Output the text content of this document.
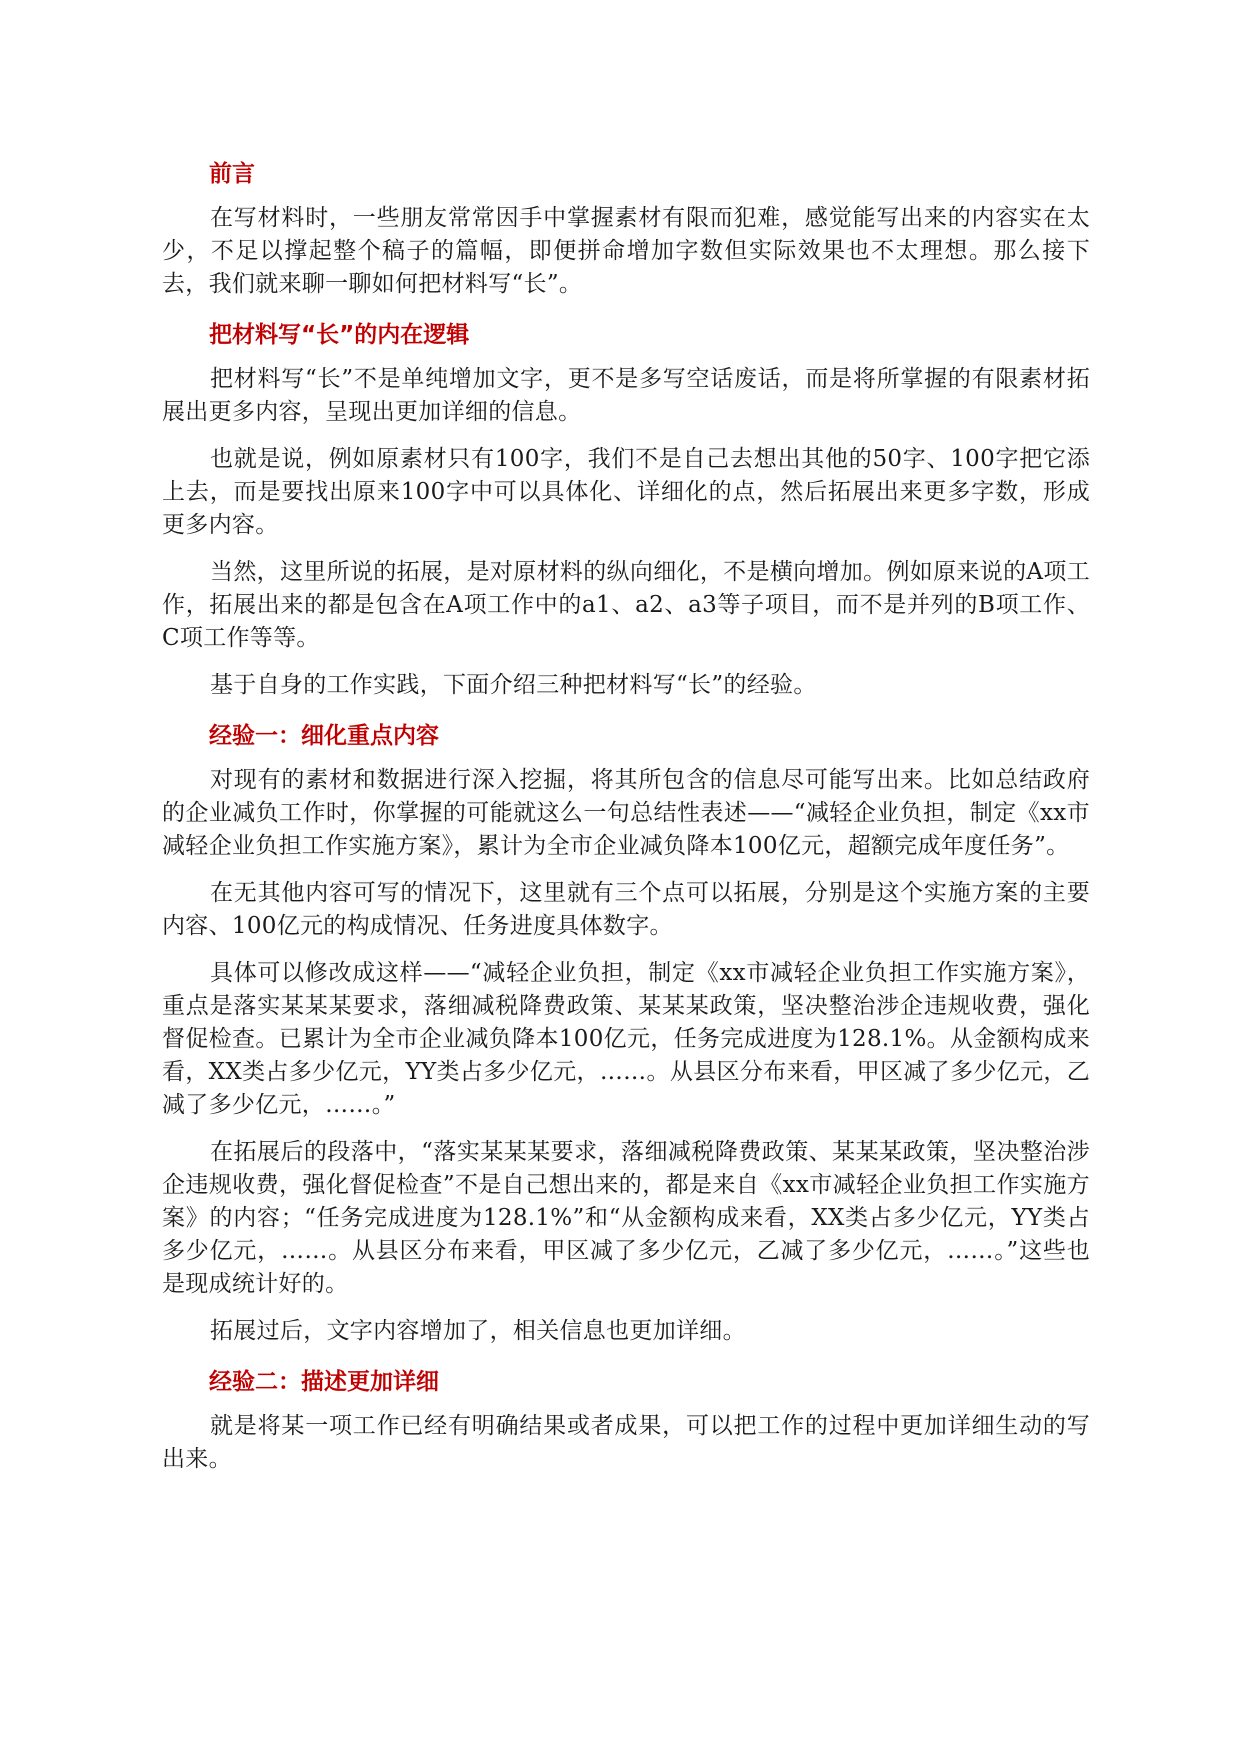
前言

在写材料时，一些朋友常常因手中掌握素材有限而犯难，感觉能写出来的内容实在太少，不足以撑起整个稿子的篇幅，即便拼命增加字数但实际效果也不太理想。那么接下去，我们就来聊一聊如何把材料写“长”。

把材料写“长”的内在逻辑

把材料写“长”不是单纯增加文字，更不是多写空话废话，而是将所掌握的有限素材拓展出更多内容，呈现出更加详细的信息。

也就是说，例如原素材只有100字，我们不是自己去想出其他的50字、100字把它添上去，而是要找出原来100字中可以具体化、详细化的点，然后拓展出来更多字数，形成更多内容。

当然，这里所说的拓展，是对原材料的纵向细化，不是横向增加。例如原来说的A项工作，拓展出来的都是包含在A项工作中的a1、a2、a3等子项目，而不是并列的B项工作、C项工作等等。

基于自身的工作实践，下面介绍三种把材料写“长”的经验。

经验一：细化重点内容

对现有的素材和数据进行深入挖掘，将其所包含的信息尽可能写出来。比如总结政府的企业减负工作时，你掌握的可能就这么一句总结性表述——“减轻企业负担，制定《xx市减轻企业负担工作实施方案》，累计为全市企业减负降本100亿元，超额完成年度任务”。

在无其他内容可写的情况下，这里就有三个点可以拓展，分别是这个实施方案的主要内容、100亿元的构成情况、任务进度具体数字。

具体可以修改成这样——“减轻企业负担，制定《xx市减轻企业负担工作实施方案》，重点是落实某某某要求，落细减税降费政策、某某某政策，坚决整治涉企违规收费，强化督促检查。已累计为全市企业减负降本100亿元，任务完成进度为128.1%。从金额构成来看，XX类占多少亿元，YY类占多少亿元，……。从县区分布来看，甲区减了多少亿元，乙减了多少亿元，……。”

在拓展后的段落中，“落实某某某要求，落细减税降费政策、某某某政策，坚决整治涉企违规收费，强化督促检查”不是自己想出来的，都是来自《xx市减轻企业负担工作实施方案》的内容；“任务完成进度为128.1%”和“从金额构成来看，XX类占多少亿元，YY类占多少亿元，……。从县区分布来看，甲区减了多少亿元，乙减了多少亿元，……。”这些也是现成统计好的。

拓展过后，文字内容增加了，相关信息也更加详细。

经验二：描述更加详细

就是将某一项工作已经有明确结果或者成果，可以把工作的过程中更加详细生动的写出来。
